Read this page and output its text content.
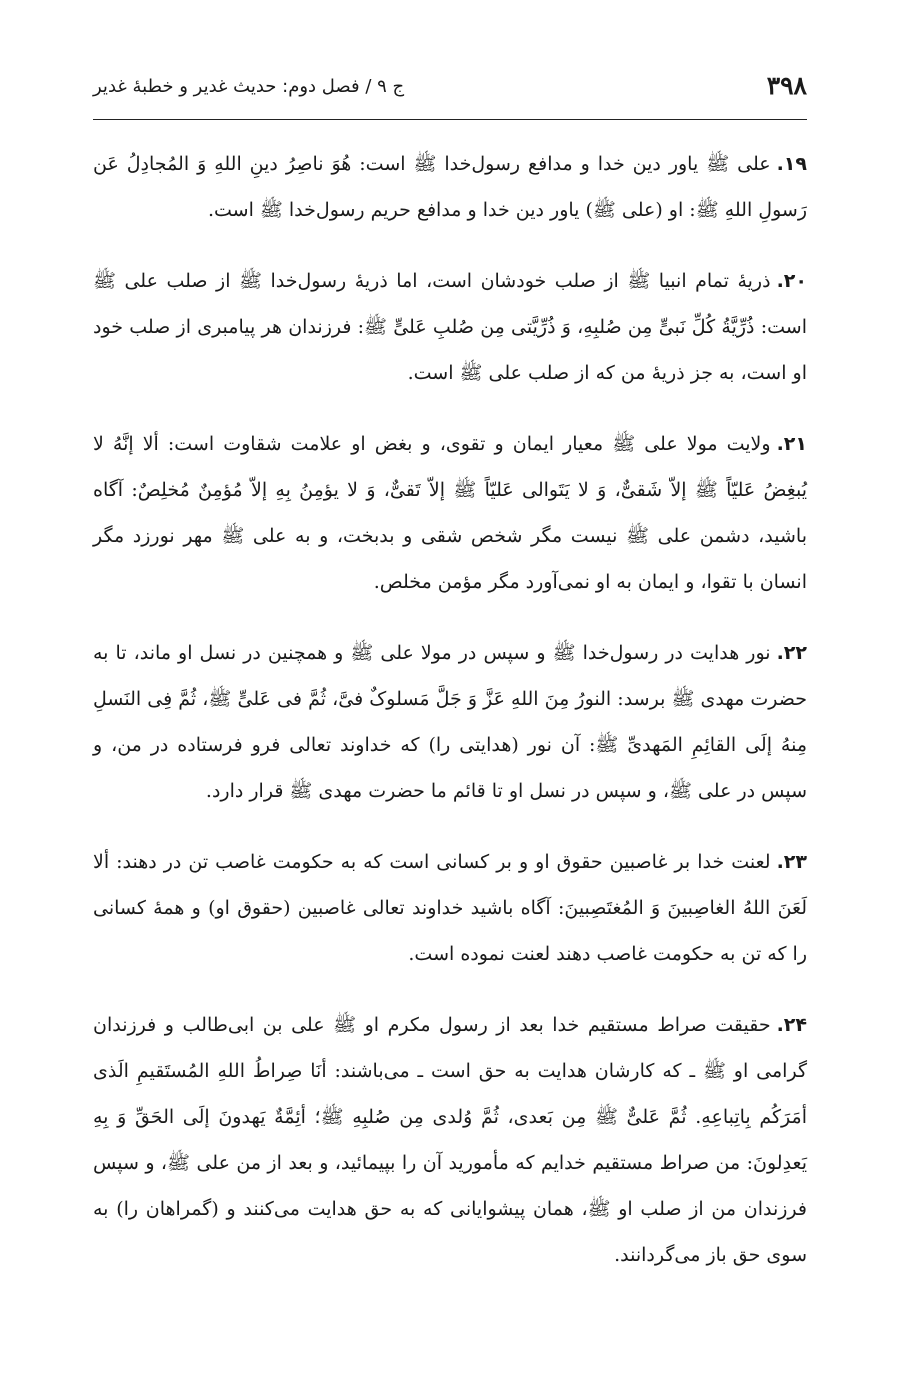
۳۹۸
ج ۹ / فصل دوم: حدیث غدیر و خطبهٔ غدیر

۱۹.علی ﷺ یاور دین خدا و مدافع رسول‌خدا ﷺ است: هُوَ ناصِرُ دینِ اللهِ وَ المُجادِلُ عَن رَسولِ اللهِ ﷺ: او (علی ﷺ) یاور دین خدا و مدافع حریم رسول‌خدا ﷺ است.

۲۰.ذریهٔ تمام انبیا ﷺ از صلب خودشان است، اما ذریهٔ رسول‌خدا ﷺ از صلب علی ﷺ است: ذُرِّیَّةُ کُلِّ نَبیٍّ مِن صُلبِهِ، وَ ذُرِّیَّتی مِن صُلبِ عَلیٍّ ﷺ: فرزندان هر پیامبری از صلب خود او است، به جز ذریهٔ من که از صلب علی ﷺ است.

۲۱.ولایت مولا علی ﷺ معیار ایمان و تقوی، و بغض او علامت شقاوت است: ألا إنَّهُ لا یُبغِضُ عَلیّاً ﷺ إلاّ شَقیٌّ، وَ لا یَتَوالی عَلیّاً ﷺ إلاّ تَقیٌّ، وَ لا یؤمِنُ بِهِ إلاّ مُؤمِنٌ مُخلِصٌ: آگاه باشید، دشمن علی ﷺ نیست مگر شخص شقی و بدبخت، و به علی ﷺ مهر نورزد مگر انسان با تقوا، و ایمان به او نمی‌آورد مگر مؤمن مخلص.

۲۲.نور هدایت در رسول‌خدا ﷺ و سپس در مولا علی ﷺ و همچنین در نسل او ماند، تا به حضرت مهدی ﷺ برسد: النورُ مِنَ اللهِ عَزَّ وَ جَلَّ مَسلوکٌ فیَّ، ثُمَّ فی عَلیٍّ ﷺ، ثُمَّ فِی النَسلِ مِنهُ إلَی القائِمِ المَهدیِّ ﷺ: آن نور (هدایتی را) که خداوند تعالی فرو فرستاده در من، و سپس در علی ﷺ، و سپس در نسل او تا قائم ما حضرت مهدی ﷺ قرار دارد.

۲۳.لعنت خدا بر غاصبین حقوق او و بر کسانی است که به حکومت غاصب تن در دهند: ألا لَعَنَ اللهُ الغاصِبینَ وَ المُغتَصِبینَ: آگاه باشید خداوند تعالی غاصبین (حقوق او) و همهٔ کسانی را که تن به حکومت غاصب دهند لعنت نموده است.

۲۴.حقیقت صراط مستقیم خدا بعد از رسول مکرم او ﷺ علی بن ابی‌طالب و فرزندان گرامی او ﷺ ـ که کارشان هدایت به حق است ـ می‌باشند: أنَا صِراطُ اللهِ المُستَقیمِ الَذی أمَرَکُم بِاتِباعِهِ. ثُمَّ عَلیٌّ ﷺ مِن بَعدی، ثُمَّ وُلدی مِن صُلبِهِ ﷺ؛ أئِمَّةٌ یَهدونَ إلَی الحَقِّ وَ بِهِ یَعدِلونَ: من صراط مستقیم خدایم که مأمورید آن را بپیمائید، و بعد از من علی ﷺ، و سپس فرزندان من از صلب او ﷺ، همان پیشوایانی که به حق هدایت می‌کنند و (گمراهان را) به سوی حق باز می‌گردانند.
